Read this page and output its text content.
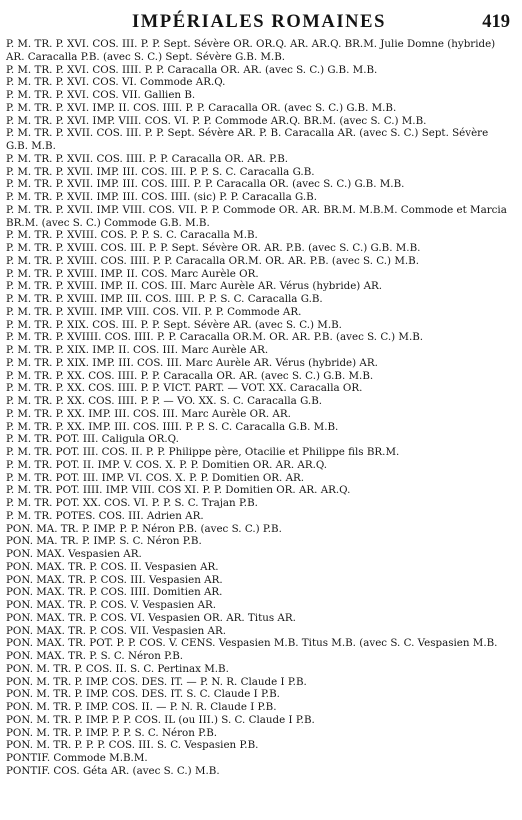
IMPÉRIALES ROMAINES	419
P. M. TR. P. XVI. COS. III. P. P. Sept. Sévère OR. OR.Q. AR. AR.Q. BR.M. Julie Domne (hybride) AR. Caracalla P.B. (avec S. C.) Sept. Sévère G.B. M.B.
P. M. TR. P. XVI. COS. IIII. P. P. Caracalla OR. AR. (avec S. C.) G.B. M.B.
P. M. TR. P. XVI. COS. VI. Commode AR.Q.
P. M. TR. P. XVI. COS. VII. Gallien B.
P. M. TR. P. XVI. IMP. II. COS. IIII. P. P. Caracalla OR. (avec S. C.) G.B. M.B.
P. M. TR. P. XVI. IMP. VIII. COS. VI. P. P. Commode AR.Q. BR.M. (avec S. C.) M.B.
P. M. TR. P. XVII. COS. III. P. P. Sept. Sévère AR. P. B. Caracalla AR. (avec S. C.) Sept. Sévère G.B. M.B.
P. M. TR. P. XVII. COS. IIII. P. P. Caracalla OR. AR. P.B.
P. M. TR. P. XVII. IMP. III. COS. III. P. P. S. C. Caracalla G.B.
P. M. TR. P. XVII. IMP. III. COS. IIII. P. P. Caracalla OR. (avec S. C.) G.B. M.B.
P. M. TR. P. XVII. IMP. III. COS. IIII. (sic) P. P. Caracalla G.B.
P. M. TR. P. XVII. IMP. VIII. COS. VII. P. P. Commode OR. AR. BR.M. M.B.M. Commode et Marcia BR.M. (avec S. C.) Commode G.B. M.B.
P. M. TR. P. XVIII. COS. P. P. S. C. Caracalla M.B.
P. M. TR. P. XVIII. COS. III. P. P. Sept. Sévère OR. AR. P.B. (avec S. C.) G.B. M.B.
P. M. TR. P. XVIII. COS. IIII. P. P. Caracalla OR.M. OR. AR. P.B. (avec S. C.) M.B.
P. M. TR. P. XVIII. IMP. II. COS. Marc Aurèle OR.
P. M. TR. P. XVIII. IMP. II. COS. III. Marc Aurèle AR. Vérus (hybride) AR.
P. M. TR. P. XVIII. IMP. III. COS. IIII. P. P. S. C. Caracalla G.B.
P. M. TR. P. XVIII. IMP. VIII. COS. VII. P. P. Commode AR.
P. M. TR. P. XIX. COS. III. P. P. Sept. Sévère AR. (avec S. C.) M.B.
P. M. TR. P. XVIIII. COS. IIII. P. P. Caracalla OR.M. OR. AR. P.B. (avec S. C.) M.B.
P. M. TR. P. XIX. IMP. II. COS. III. Marc Aurèle AR.
P. M. TR. P. XIX. IMP. III. COS. III. Marc Aurèle AR. Vérus (hybride) AR.
P. M. TR. P. XX. COS. IIII. P. P. Caracalla OR. AR. (avec S. C.) G.B. M.B.
P. M. TR. P. XX. COS. IIII. P. P. VICT. PART. — VOT. XX. Caracalla OR.
P. M. TR. P. XX. COS. IIII. P. P. — VO. XX. S. C. Caracalla G.B.
P. M. TR. P. XX. IMP. III. COS. III. Marc Aurèle OR. AR.
P. M. TR. P. XX. IMP. III. COS. IIII. P. P. S. C. Caracalla G.B. M.B.
P. M. TR. POT. III. Caligula OR.Q.
P. M. TR. POT. III. COS. II. P. P. Philippe père, Otacilie et Philippe fils BR.M.
P. M. TR. POT. II. IMP. V. COS. X. P. P. Domitien OR. AR. AR.Q.
P. M. TR. POT. III. IMP. VI. COS. X. P. P. Domitien OR. AR.
P. M. TR. POT. IIII. IMP. VIII. COS XI. P. P. Domitien OR. AR. AR.Q.
P. M. TR. POT. XX. COS. VI. P. P. S. C. Trajan P.B.
P. M. TR. POTES. COS. III. Adrien AR.
PON. MA. TR. P. IMP. P. P. Néron P.B. (avec S. C.) P.B.
PON. MA. TR. P. IMP. S. C. Néron P.B.
PON. MAX. Vespasien AR.
PON. MAX. TR. P. COS. II. Vespasien AR.
PON. MAX. TR. P. COS. III. Vespasien AR.
PON. MAX. TR. P. COS. IIII. Domitien AR.
PON. MAX. TR. P. COS. V. Vespasien AR.
PON. MAX. TR. P. COS. VI. Vespasien OR. AR. Titus AR.
PON. MAX. TR. P. COS. VII. Vespasien AR.
PON. MAX. TR. POT. P. P. COS. V. CENS. Vespasien M.B. Titus M.B. (avec S. C. Vespasien M.B.
PON. MAX. TR. P. S. C. Néron P.B.
PON. M. TR. P. COS. II. S. C. Pertinax M.B.
PON. M. TR. P. IMP. COS. DES. IT. — P. N. R. Claude I P.B.
PON. M. TR. P. IMP. COS. DES. IT. S. C. Claude I P.B.
PON. M. TR. P. IMP. COS. II. — P. N. R. Claude I P.B.
PON. M. TR. P. IMP. P. P. COS. IL (ou III.) S. C. Claude I P.B.
PON. M. TR. P. IMP. P. P. S. C. Néron P.B.
PON. M. TR. P. P. P. COS. III. S. C. Vespasien P.B.
PONTIF. Commode M.B.M.
PONTIF. COS. Géta AR. (avec S. C.) M.B.
